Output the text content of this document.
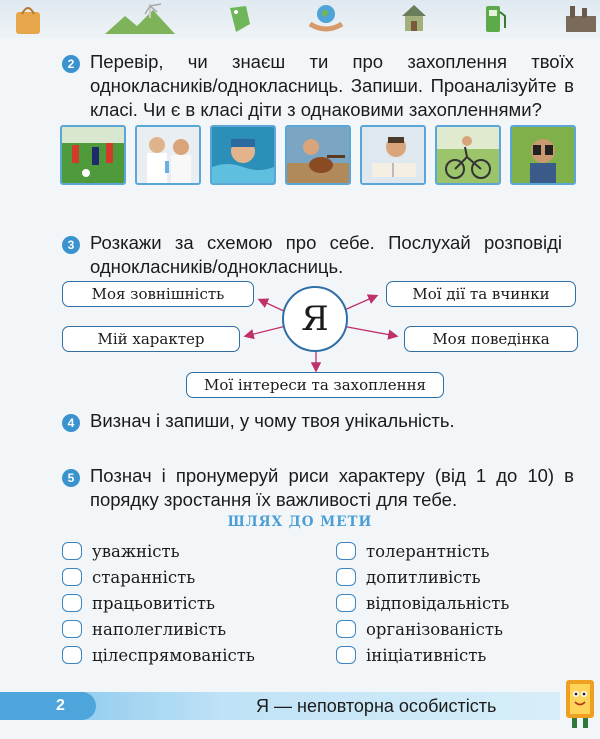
2 Перевір, чи знаєш ти про захоплення твоїх однокласників/однокласниць. Запиши. Проаналізуйте в класі. Чи є в класі діти з однаковими захопленнями?
3 Розкажи за схемою про себе. Послухай розповіді однокласників/однокласниць.
Моя зовнішність	Мої дії та вчинки
Я
Мій характер	Моя поведінка
Мої інтереси та захоплення
4 Визнач і запиши, у чому твоя унікальність.
5 Познач і пронумеруй риси характеру (від 1 до 10) в порядку зростання їх важливості для тебе.
ШЛЯХ ДО МЕТИ
уважність
старанність
працьовитість
наполегливість
цілеспрямованість
толерантність
допитливість
відповідальність
організованість
ініціативність
2	Я — неповторна особистість
